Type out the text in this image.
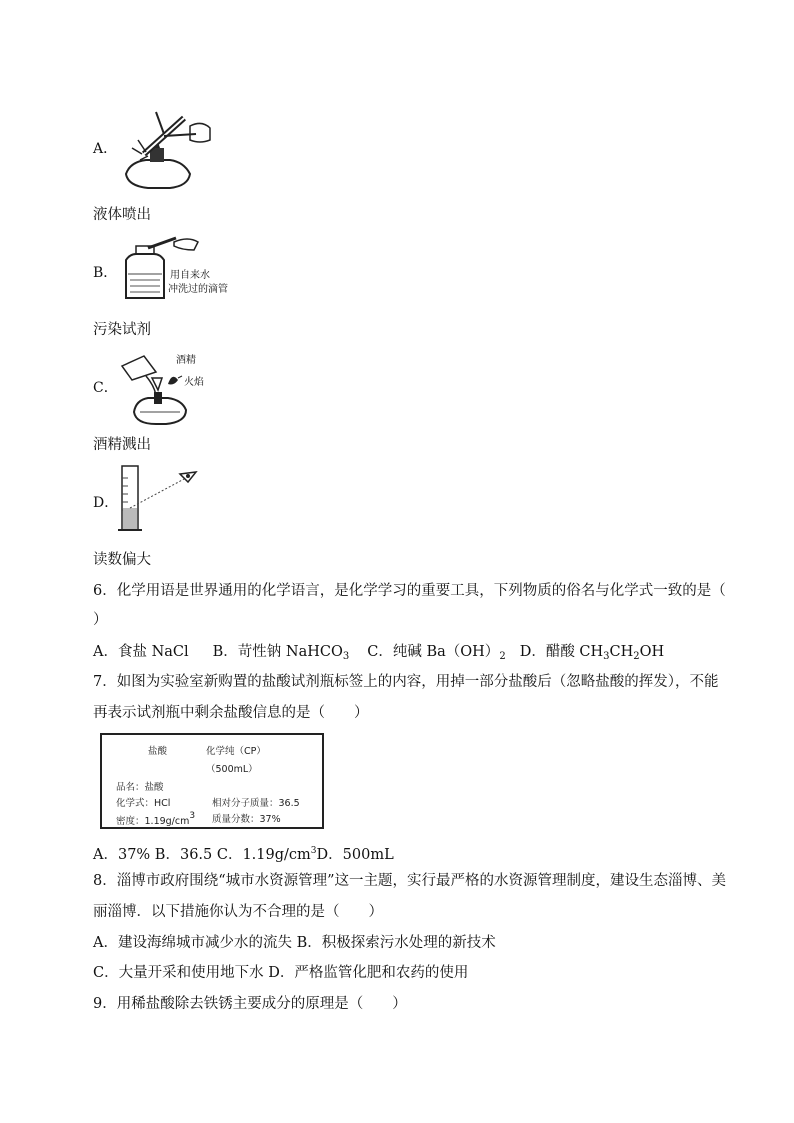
A．
液体喷出
B．	用自来水
冲洗过的滴管
污染试剂
C．
酒精
火焰
酒精溅出
D．
读数偏大
6．化学用语是世界通用的化学语言，是化学学习的重要工具，下列物质的俗名与化学式一致的是（
）
A．食盐 NaCl B．苛性钠 NaHCO$_3$ C．纯碱 $Ba(OH)_2$ D．醋酸 $CH_3CH_2OH$
7．如图为实验室新购置的盐酸试剂瓶标签上的内容，用掉一部分盐酸后（忽略盐酸的挥发），不能
再表示试剂瓶中剩余盐酸信息的是（　　）
盐酸	化学纯（CP）
（500mL）
品名：盐酸
化学式：HCl	相对分子质量：36.5
密度：$1.19g/cm^3$ 质量分数：37%
A．37% B．36.5 C．$1.19g/cm^3D$．500mL
8．淄博市政府围绕“城市水资源管理”这一主题，实行最严格的水资源管理制度，建设生态淄博、美
丽淄博．以下措施你认为不合理的是（　　）
A．建设海绵城市减少水的流失 B．积极探索污水处理的新技术
C．大量开采和使用地下水 D．严格监管化肥和农药的使用
9．用稀盐酸除去铁锈主要成分的原理是（　　）
